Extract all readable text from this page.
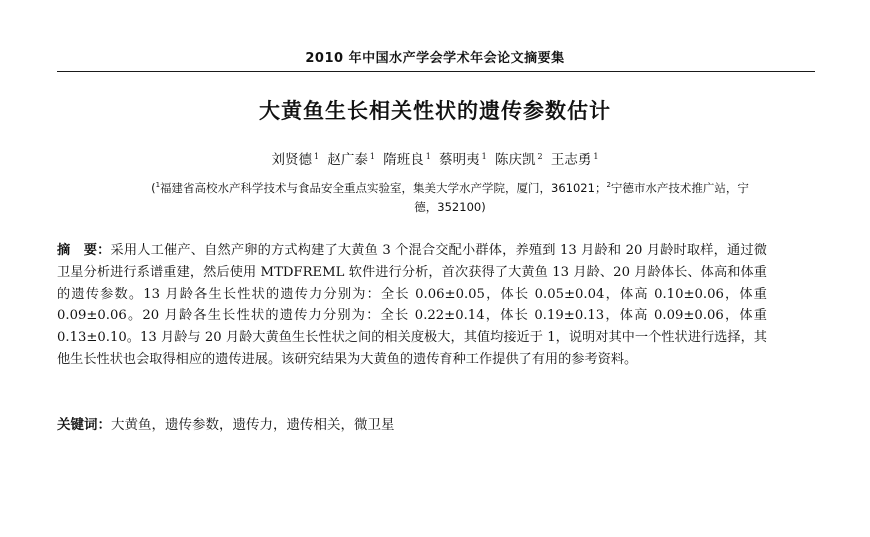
2010 年中国水产学会学术年会论文摘要集
大黄鱼生长相关性状的遗传参数估计
刘贤德 $^1$ 赵广泰 $^1$ 隋班良 $^1$ 蔡明夷 $^1$ 陈庆凯 $^2$ 王志勇 $^1$
($^1$福建省高校水产科学技术与食品安全重点实验室，集美大学水产学院，厦门，361021；$^2$宁德市水产技术推广站，宁德，352100)
摘　要：采用人工催产、自然产卵的方式构建了大黄鱼 3 个混合交配小群体，养殖到 13 月龄和 20 月龄时取样，通过微卫星分析进行系谱重建，然后使用 MTDFREML 软件进行分析，首次获得了大黄鱼 13 月龄、20 月龄体长、体高和体重的遗传参数。13 月龄各生长性状的遗传力分别为：全长 0.06±0.05，体长 0.05±0.04，体高 0.10±0.06，体重 0.09±0.06。20 月龄各生长性状的遗传力分别为：全长 0.22±0.14，体长 0.19±0.13，体高 0.09±0.06，体重 0.13±0.10。13 月龄与 20 月龄大黄鱼生长性状之间的相关度极大，其值均接近于 1，说明对其中一个性状进行选择，其他生长性状也会取得相应的遗传进展。该研究结果为大黄鱼的遗传育种工作提供了有用的参考资料。
关键词：大黄鱼，遗传参数，遗传力，遗传相关，微卫星
